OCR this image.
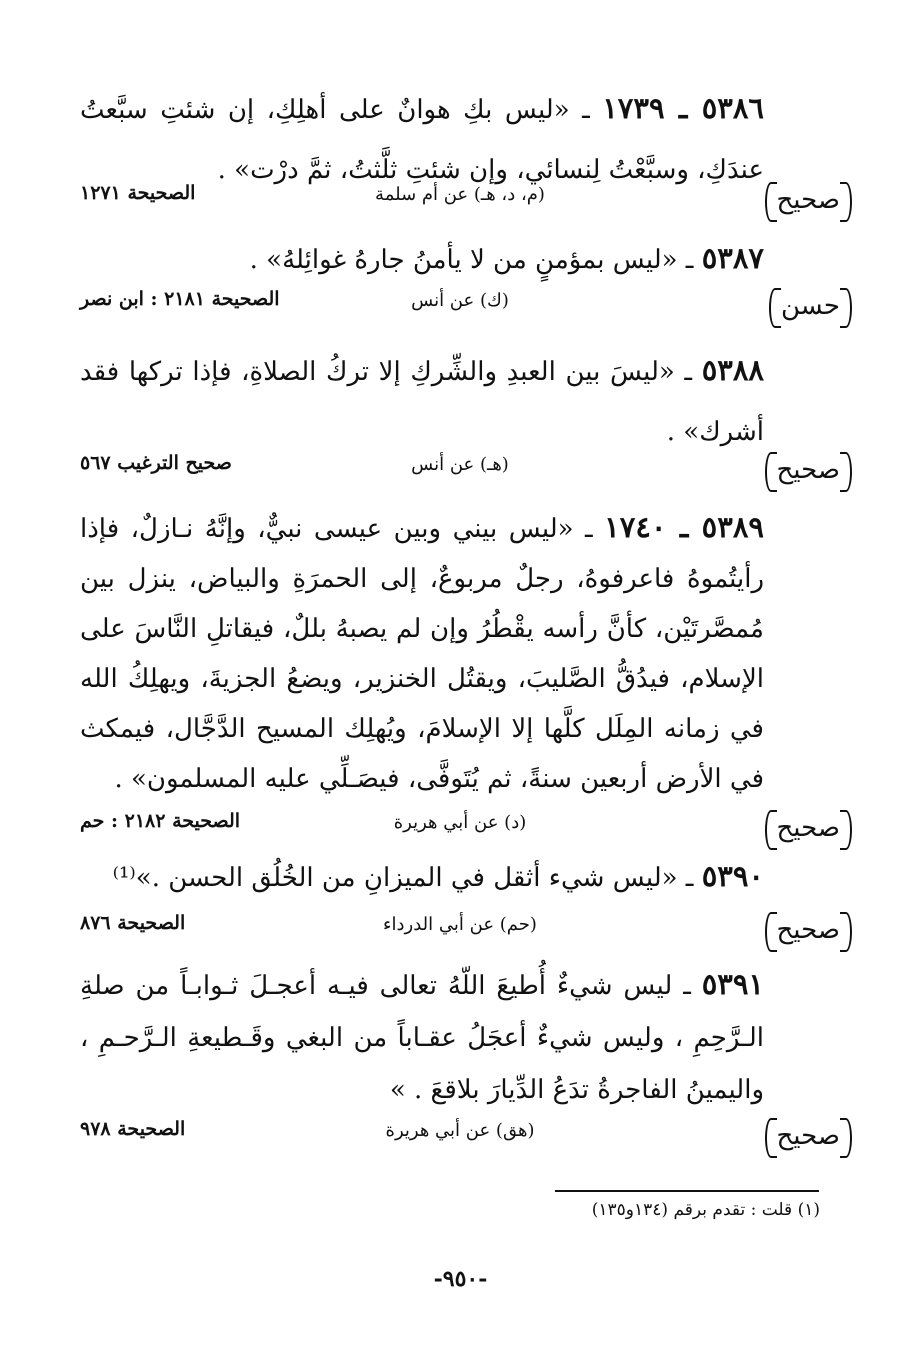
٥٣٨٦ ـ ١٧٣٩ ـ «ليس بكِ هوانٌ على أهلِكِ، إن شئتِ سبَّعتُ عندَكِ، وسبَّعْتُ لِنسائي، وإن شئتِ ثلَّثتُ، ثمَّ درْت» .
صحيح
(م، د، هـ) عن أم سلمة
الصحيحة ١٢٧١
٥٣٨٧ ـ «ليس بمؤمنٍ من لا يأمنُ جارهُ غوائِلهُ» .
حسن
(ك) عن أنس
الصحيحة ٢١٨١ : ابن نصر
٥٣٨٨ ـ «ليسَ بين العبدِ والشِّركِ إلا تركُ الصلاةِ، فإذا تركها فقد أشرك» .
صحيح
(هـ) عن أنس
صحيح الترغيب ٥٦٧
٥٣٨٩ ـ ١٧٤٠ ـ «ليس بيني وبين عيسى نبيٌّ، وإنَّهُ نـازلٌ، فإذا رأيتُموهُ فاعرفوهُ، رجلٌ مربوعٌ، إلى الحمرَةِ والبياض، ينزل بين مُمصَّرتَيْن، كأنَّ رأسه يقْطُرُ وإن لم يصبهُ بللٌ، فيقاتلِ النَّاسَ على الإسلام، فيدُقُّ الصَّليبَ، ويقتُل الخنزير، ويضعُ الجزيةَ، ويهلِكُ الله في زمانه المِلَل كلَّها إلا الإسلامَ، ويُهلِك المسيح الدَّجَّال، فيمكث في الأرض أربعين سنةً، ثم يُتَوفَّى، فيصَـلِّي عليه المسلمون» .
صحيح
(د) عن أبي هريرة
الصحيحة ٢١٨٢ : حم
٥٣٩٠ ـ «ليس شيء أثقل في الميزانِ من الخُلُق الحسن .»⁽¹⁾
صحيح
(حم) عن أبي الدرداء
الصحيحة ٨٧٦
٥٣٩١ ـ ليس شيءٌ أُطيعَ اللّهُ تعالى فيـه أعجـلَ ثـوابـاً من صلةِ الـرَّحِمِ ، وليس شيءٌ أعجَلُ عقـاباً من البغي وقَـطيعةِ الـرَّحـمِ ، واليمينُ الفاجرةُ تدَعُ الدِّيارَ بلاقعَ . »
صحيح
(هق) عن أبي هريرة
الصحيحة ٩٧٨
(١) قلت : تقدم برقم (١٣٤و١٣٥)
-٩٥٠-
